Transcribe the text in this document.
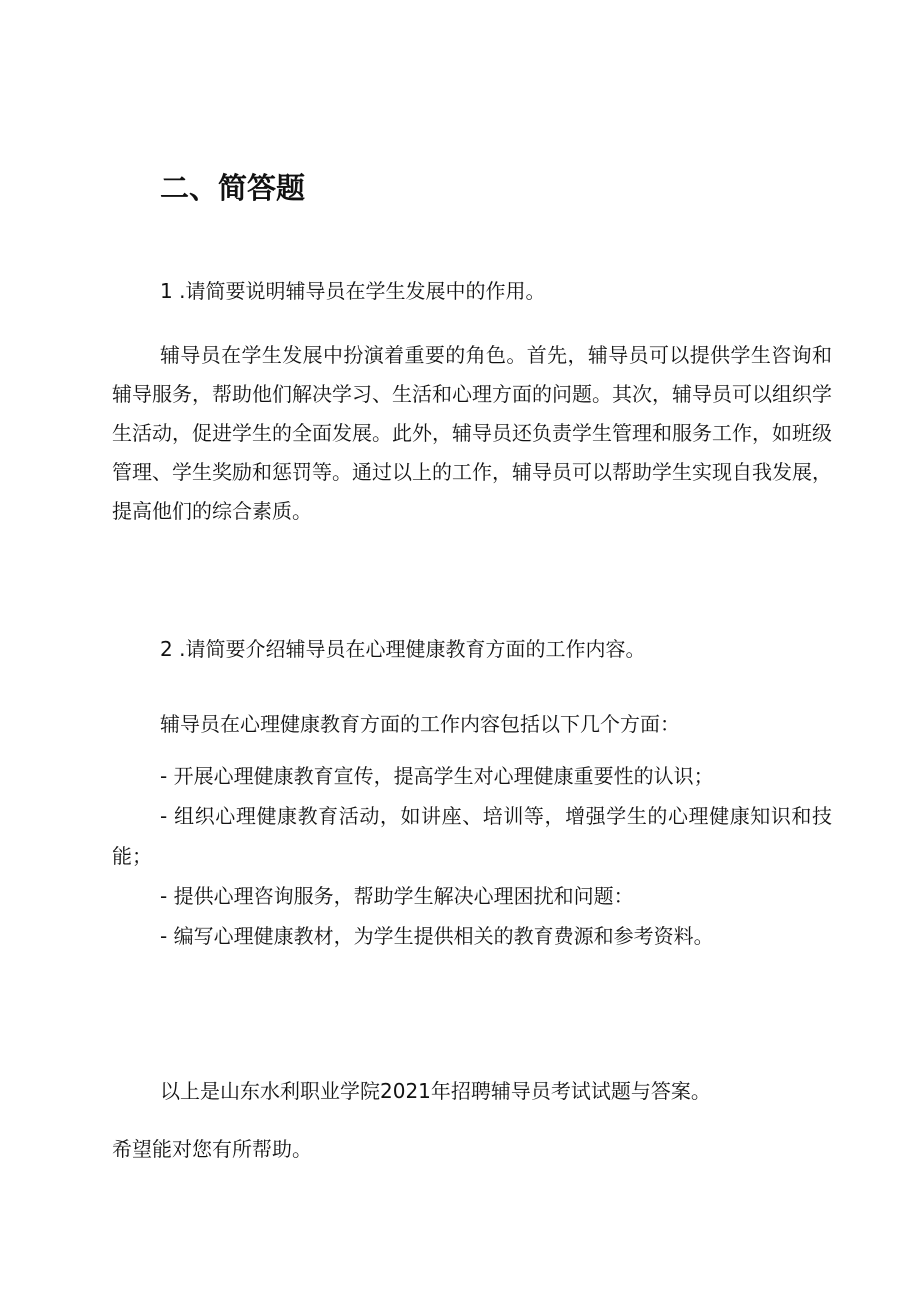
二、简答题
1 .请简要说明辅导员在学生发展中的作用。
辅导员在学生发展中扮演着重要的角色。首先，辅导员可以提供学生咨询和辅导服务，帮助他们解决学习、生活和心理方面的问题。其次，辅导员可以组织学生活动，促进学生的全面发展。此外，辅导员还负责学生管理和服务工作，如班级管理、学生奖励和惩罚等。通过以上的工作，辅导员可以帮助学生实现自我发展，提高他们的综合素质。
2 .请简要介绍辅导员在心理健康教育方面的工作内容。
辅导员在心理健康教育方面的工作内容包括以下几个方面：
- 开展心理健康教育宣传，提高学生对心理健康重要性的认识；
- 组织心理健康教育活动，如讲座、培训等，增强学生的心理健康知识和技能；
- 提供心理咨询服务，帮助学生解决心理困扰和问题：
- 编写心理健康教材，为学生提供相关的教育费源和参考资料。
以上是山东水利职业学院2021年招聘辅导员考试试题与答案。
希望能对您有所帮助。
